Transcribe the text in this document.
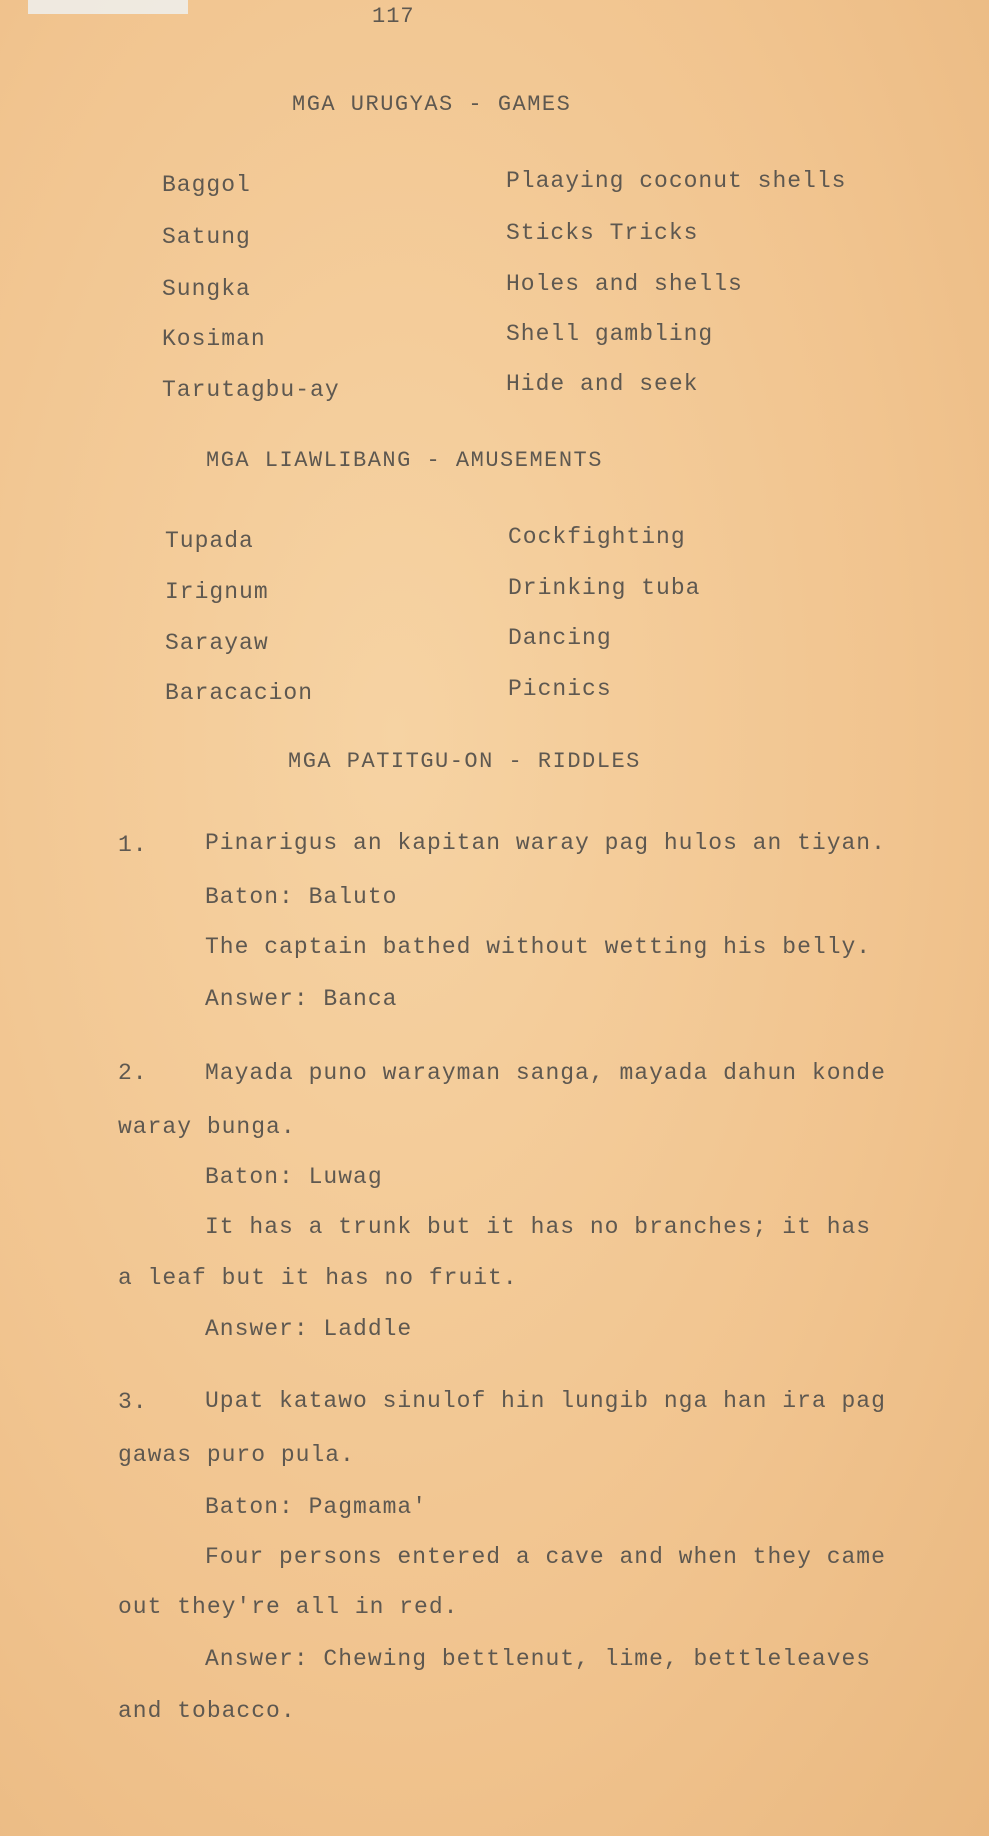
117
MGA URUGYAS - GAMES
Baggol	Plaaying coconut shells
Satung	Sticks Tricks
Sungka	Holes and shells
Kosiman	Shell gambling
Tarutagbu-ay	Hide and seek
MGA LIAWLIBANG - AMUSEMENTS
Tupada	Cockfighting
Irignum	Drinking tuba
Sarayaw	Dancing
Baracacion	Picnics
MGA PATITGU-ON - RIDDLES
1. Pinarigus an kapitan waray pag hulos an tiyan.
Baton: Baluto
The captain bathed without wetting his belly.
Answer: Banca
2. Mayada puno warayman sanga, mayada dahun konde
waray bunga.
Baton: Luwag
It has a trunk but it has no branches; it has
a leaf but it has no fruit.
Answer: Laddle
3. Upat katawo sinulof hin lungib nga han ira pag
gawas puro pula.
Baton: Pagmama'
Four persons entered a cave and when they came
out they're all in red.
Answer: Chewing bettlenut, lime, bettleleaves
and tobacco.
